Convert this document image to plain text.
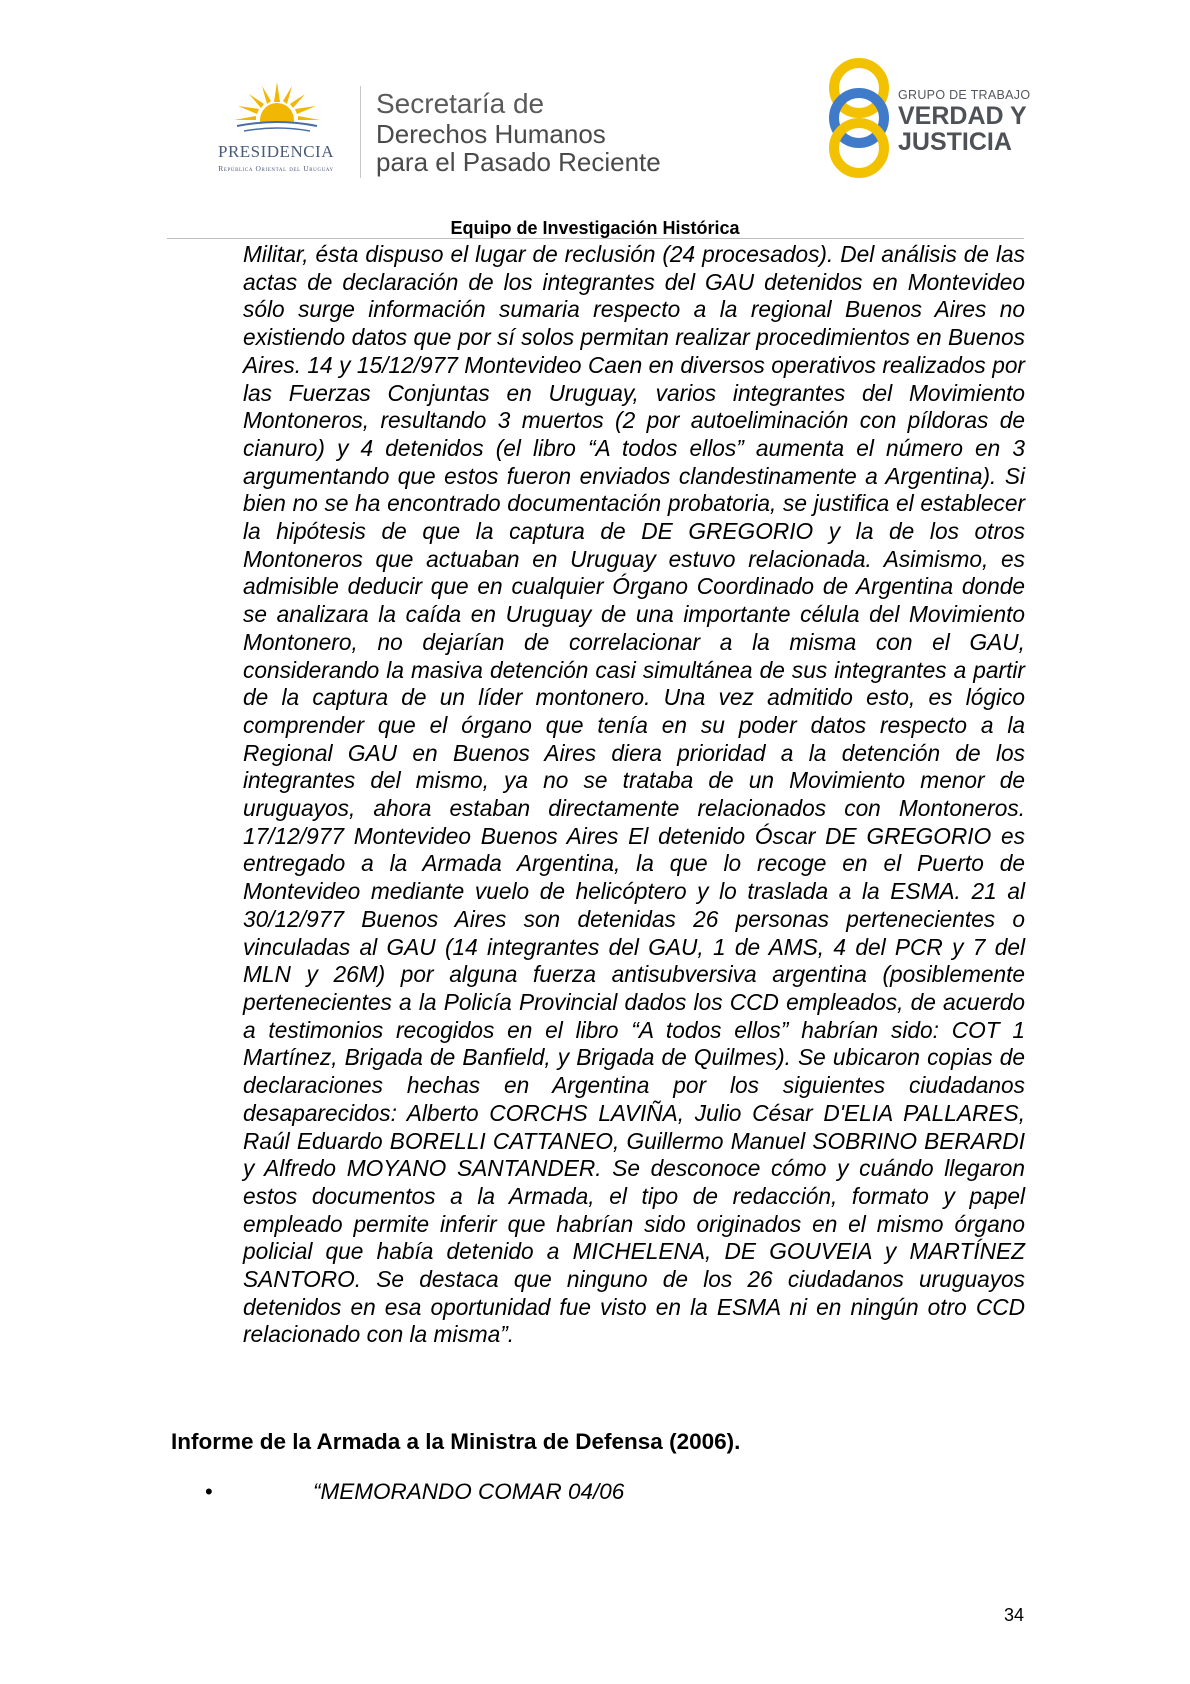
PRESIDENCIA
República Oriental del Uruguay
Secretaría de
Derechos Humanos
para el Pasado Reciente
GRUPO DE TRABAJO
VERDAD Y
JUSTICIA
Equipo de Investigación Histórica

Militar, ésta dispuso el lugar de reclusión (24 procesados). Del análisis de las actas de declaración de los integrantes del GAU detenidos en Montevideo sólo surge información sumaria respecto a la regional Buenos Aires no existiendo datos que por sí solos permitan realizar procedimientos en Buenos Aires. 14 y 15/12/977 Montevideo Caen en diversos operativos realizados por las Fuerzas Conjuntas en Uruguay, varios integrantes del Movimiento Montoneros, resultando 3 muertos (2 por autoeliminación con píldoras de cianuro) y 4 detenidos (el libro “A todos ellos” aumenta el número en 3 argumentando que estos fueron enviados clandestinamente a Argentina). Si bien no se ha encontrado documentación probatoria, se justifica el establecer la hipótesis de que la captura de DE GREGORIO y la de los otros Montoneros que actuaban en Uruguay estuvo relacionada. Asimismo, es admisible deducir que en cualquier Órgano Coordinado de Argentina donde se analizara la caída en Uruguay de una importante célula del Movimiento Montonero, no dejarían de correlacionar a la misma con el GAU, considerando la masiva detención casi simultánea de sus integrantes a partir de la captura de un líder montonero. Una vez admitido esto, es lógico comprender que el órgano que tenía en su poder datos respecto a la Regional GAU en Buenos Aires diera prioridad a la detención de los integrantes del mismo, ya no se trataba de un Movimiento menor de uruguayos, ahora estaban directamente relacionados con Montoneros. 17/12/977 Montevideo Buenos Aires El detenido Óscar DE GREGORIO es entregado a la Armada Argentina, la que lo recoge en el Puerto de Montevideo mediante vuelo de helicóptero y lo traslada a la ESMA. 21 al 30/12/977 Buenos Aires son detenidas 26 personas pertenecientes o vinculadas al GAU (14 integrantes del GAU, 1 de AMS, 4 del PCR y 7 del MLN y 26M) por alguna fuerza antisubversiva argentina (posiblemente pertenecientes a la Policía Provincial dados los CCD empleados, de acuerdo a testimonios recogidos en el libro “A todos ellos” habrían sido: COT 1 Martínez, Brigada de Banfield, y Brigada de Quilmes). Se ubicaron copias de declaraciones hechas en Argentina por los siguientes ciudadanos desaparecidos: Alberto CORCHS LAVIÑA, Julio César D'ELIA PALLARES, Raúl Eduardo BORELLI CATTANEO, Guillermo Manuel SOBRINO BERARDI y Alfredo MOYANO SANTANDER. Se desconoce cómo y cuándo llegaron estos documentos a la Armada, el tipo de redacción, formato y papel empleado permite inferir que habrían sido originados en el mismo órgano policial que había detenido a MICHELENA, DE GOUVEIA y MARTÍNEZ SANTORO. Se destaca que ninguno de los 26 ciudadanos uruguayos detenidos en esa oportunidad fue visto en la ESMA ni en ningún otro CCD relacionado con la misma”.

Informe de la Armada a la Ministra de Defensa (2006).
•	“MEMORANDO COMAR 04/06
34
